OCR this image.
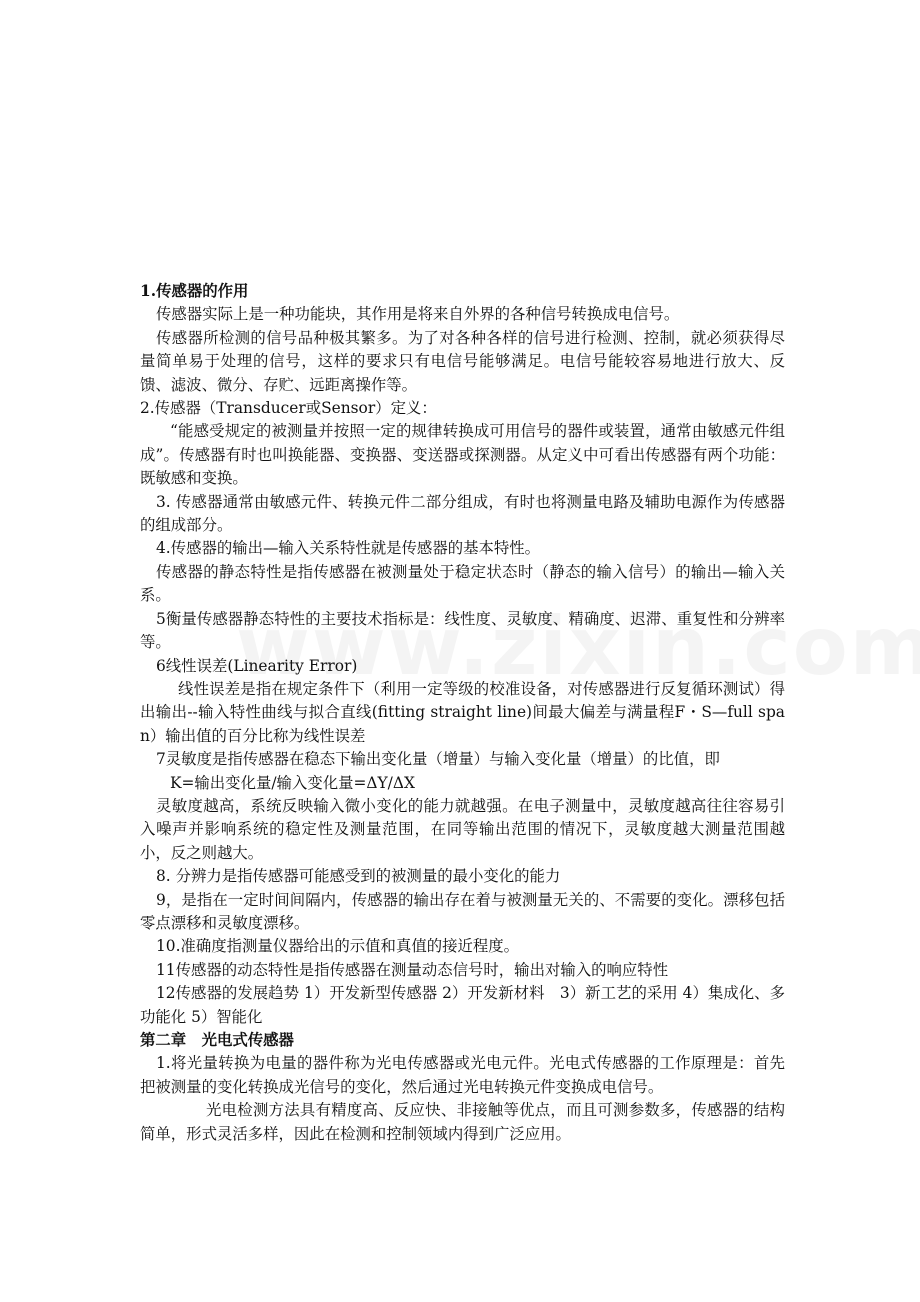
1.传感器的作用

传感器实际上是一种功能块，其作用是将来自外界的各种信号转换成电信号。

传感器所检测的信号品种极其繁多。为了对各种各样的信号进行检测、控制，就必须获得尽量简单易于处理的信号，这样的要求只有电信号能够满足。电信号能较容易地进行放大、反馈、滤波、微分、存贮、远距离操作等。

2.传感器（Transducer或Sensor）定义：

“能感受规定的被测量并按照一定的规律转换成可用信号的器件或装置，通常由敏感元件组成”。传感器有时也叫换能器、变换器、变送器或探测器。从定义中可看出传感器有两个功能：既敏感和变换。

3. 传感器通常由敏感元件、转换元件二部分组成，有时也将测量电路及辅助电源作为传感器的组成部分。

4.传感器的输出—输入关系特性就是传感器的基本特性。

传感器的静态特性是指传感器在被测量处于稳定状态时（静态的输入信号）的输出—输入关系。

5衡量传感器静态特性的主要技术指标是：线性度、灵敏度、精确度、迟滞、重复性和分辨率等。

6线性误差(Linearity Error)

线性误差是指在规定条件下（利用一定等级的校准设备，对传感器进行反复循环测试）得出输出--输入特性曲线与拟合直线(fitting straight line)间最大偏差与满量程F・S—full span）输出值的百分比称为线性误差

7灵敏度是指传感器在稳态下输出变化量（增量）与输入变化量（增量）的比值，即

K=输出变化量/输入变化量=ΔY/ΔX

灵敏度越高，系统反映输入微小变化的能力就越强。在电子测量中，灵敏度越高往往容易引入噪声并影响系统的稳定性及测量范围，在同等输出范围的情况下，灵敏度越大测量范围越小，反之则越大。

8. 分辨力是指传感器可能感受到的被测量的最小变化的能力

9，是指在一定时间间隔内，传感器的输出存在着与被测量无关的、不需要的变化。漂移包括零点漂移和灵敏度漂移。

10.准确度指测量仪器给出的示值和真值的接近程度。

11传感器的动态特性是指传感器在测量动态信号时，输出对输入的响应特性

12传感器的发展趋势 1）开发新型传感器 2）开发新材料　3）新工艺的采用 4）集成化、多功能化 5）智能化

第二章　光电式传感器

1.将光量转换为电量的器件称为光电传感器或光电元件。光电式传感器的工作原理是：首先把被测量的变化转换成光信号的变化，然后通过光电转换元件变换成电信号。

光电检测方法具有精度高、反应快、非接触等优点，而且可测参数多，传感器的结构简单，形式灵活多样，因此在检测和控制领域内得到广泛应用。
